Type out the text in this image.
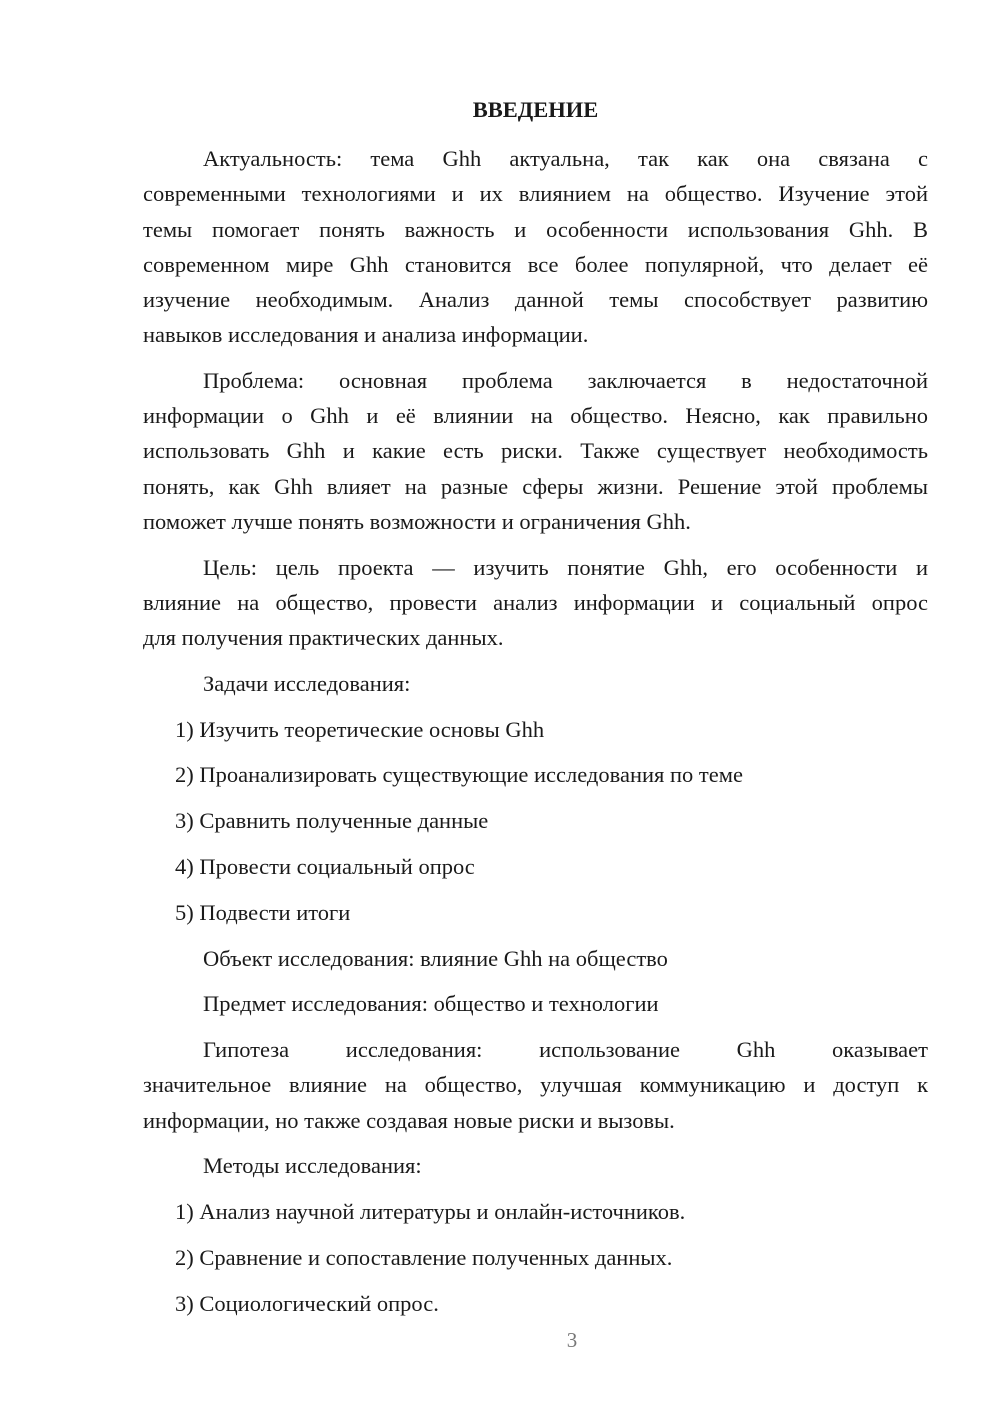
ВВЕДЕНИЕ
Актуальность: тема Ghh актуальна, так как она связана с
современными технологиями и их влиянием на общество. Изучение этой
темы помогает понять важность и особенности использования Ghh. В
современном мире Ghh становится все более популярной, что делает её
изучение необходимым. Анализ данной темы способствует развитию
навыков исследования и анализа информации.
Проблема: основная проблема заключается в недостаточной
информации о Ghh и её влиянии на общество. Неясно, как правильно
использовать Ghh и какие есть риски. Также существует необходимость
понять, как Ghh влияет на разные сферы жизни. Решение этой проблемы
поможет лучше понять возможности и ограничения Ghh.
Цель: цель проекта — изучить понятие Ghh, его особенности и
влияние на общество, провести анализ информации и социальный опрос
для получения практических данных.
Задачи исследования:
1) Изучить теоретические основы Ghh
2) Проанализировать существующие исследования по теме
3) Сравнить полученные данные
4) Провести социальный опрос
5) Подвести итоги
Объект исследования: влияние Ghh на общество
Предмет исследования: общество и технологии
Гипотеза исследования: использование Ghh оказывает
значительное влияние на общество, улучшая коммуникацию и доступ к
информации, но также создавая новые риски и вызовы.
Методы исследования:
1) Анализ научной литературы и онлайн-источников.
2) Сравнение и сопоставление полученных данных.
3) Социологический опрос.
3
